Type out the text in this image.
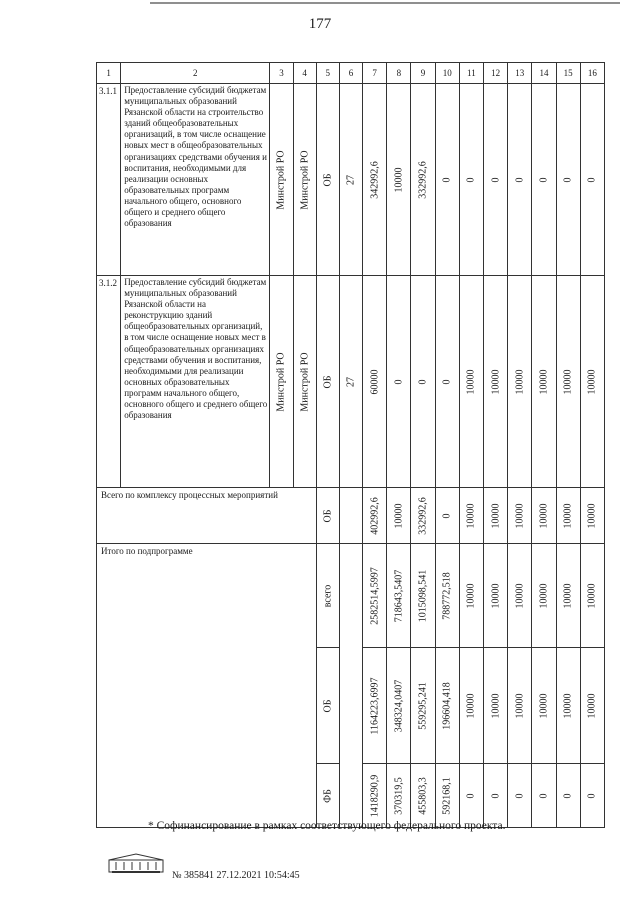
177
1	2	3	4	5	6	7	8	9	10	11	12	13	14	15	16
3.1.1	Предоставление субсидий бюджетам муниципальных образований Рязанской области на строительство зданий общеобразовательных организаций, в том числе оснащение новых мест в общеобразовательных организациях средствами обучения и воспитания, необходимыми для реализации основных образовательных программ начального общего, основного общего и среднего общего образования	Минстрой РО	Минстрой РО	ОБ	27	342992,6	10000	332992,6	0	0	0	0	0	0	0

3.1.2	Предоставление субсидий бюджетам муниципальных образований Рязанской области на реконструкцию зданий общеобразовательных организаций, в том числе оснащение новых мест в общеобразовательных организациях средствами обучения и воспитания, необходимыми для реализации основных образовательных программ начального общего, основного общего и среднего общего образования	Минстрой РО	Минстрой РО	ОБ	27	60000	0	0	0	10000	10000	10000	10000	10000	10000

Всего по комплексу процессных мероприятий				ОБ		402992,6	10000	332992,6	0	10000	10000	10000	10000	10000	10000

Итого по подпрограмме				всего		2582514,5997	718643,5407	1015098,541	788772,518	10000	10000	10000	10000	10000	10000

				ОБ		1164223,6997	348324,0407	559295,241	196604,418	10000	10000	10000	10000	10000	10000

				ФБ		1418290,9	370319,5	455803,3	592168,1	0	0	0	0	0	0
* Софинансирование в рамках соответствующего федерального проекта.
№ 385841 27.12.2021 10:54:45
